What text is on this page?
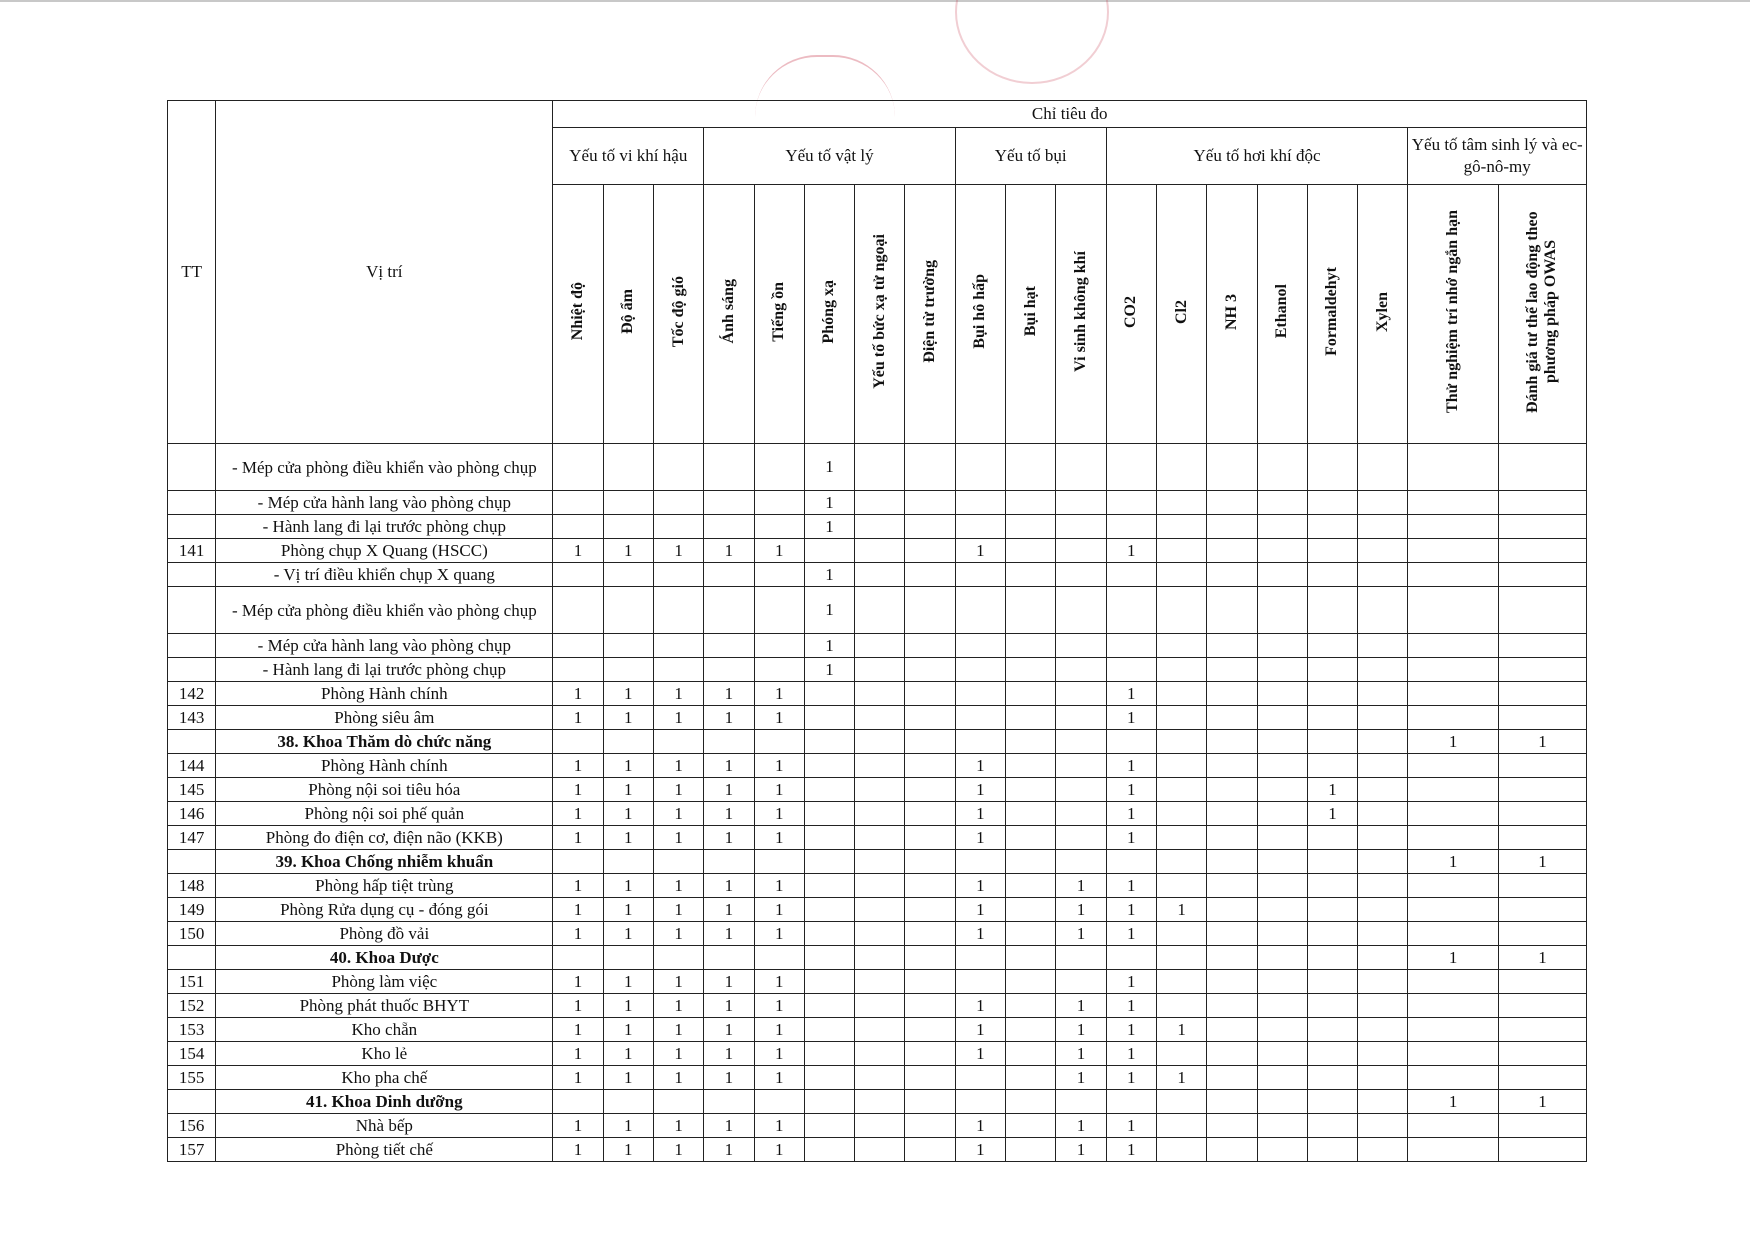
TT	Vị trí	Chỉ tiêu đo																		
		Yếu tố vi khí hậu			Yếu tố vật lý					Yếu tố bụi			Yếu tố hơi khí độc						Yếu tố tâm sinh lý và ec-gô-nô-my	
		Nhiệt độ	Độ ẩm	Tốc độ gió	Ánh sáng	Tiếng ồn	Phóng xạ	Yếu tố bức xạ tử ngoại	Điện từ trường	Bụi hô hấp	Bụi hạt	Vi sinh không khí	CO2	Cl2	NH 3	Ethanol	Formaldehyt	Xylen	Thử nghiệm trí nhớ ngắn hạn	Đánh giá tư thế lao động theo phương pháp OWAS
	- Mép cửa phòng điều khiển vào phòng chụp						1													
	- Mép cửa hành lang vào phòng chụp						1													
	- Hành lang đi lại trước phòng chụp						1													
141	Phòng chụp X Quang (HSCC)	1	1	1	1	1				1			1							
	- Vị trí điều khiển chụp X quang						1													
	- Mép cửa phòng điều khiển vào phòng chụp						1													
	- Mép cửa hành lang vào phòng chụp						1													
	- Hành lang đi lại trước phòng chụp						1													
142	Phòng Hành chính	1	1	1	1	1							1							
143	Phòng siêu âm	1	1	1	1	1							1							
	38. Khoa Thăm dò chức năng																		1	1
144	Phòng Hành chính	1	1	1	1	1				1			1							
145	Phòng nội soi tiêu hóa	1	1	1	1	1				1			1				1			
146	Phòng nội soi phế quản	1	1	1	1	1				1			1				1			
147	Phòng đo điện cơ, điện não (KKB)	1	1	1	1	1				1			1							
	39. Khoa Chống nhiễm khuẩn																		1	1
148	Phòng hấp tiệt trùng	1	1	1	1	1				1		1	1							
149	Phòng Rửa dụng cụ - đóng gói	1	1	1	1	1				1		1	1	1						
150	Phòng đồ vải	1	1	1	1	1				1		1	1							
	40. Khoa Dược																		1	1
151	Phòng làm việc	1	1	1	1	1							1							
152	Phòng phát thuốc BHYT	1	1	1	1	1				1		1	1							
153	Kho chẵn	1	1	1	1	1				1		1	1	1						
154	Kho lẻ	1	1	1	1	1				1		1	1							
155	Kho pha chế	1	1	1	1	1						1	1	1						
	41. Khoa Dinh dưỡng																		1	1
156	Nhà bếp	1	1	1	1	1				1		1	1							
157	Phòng tiết chế	1	1	1	1	1				1		1	1							
